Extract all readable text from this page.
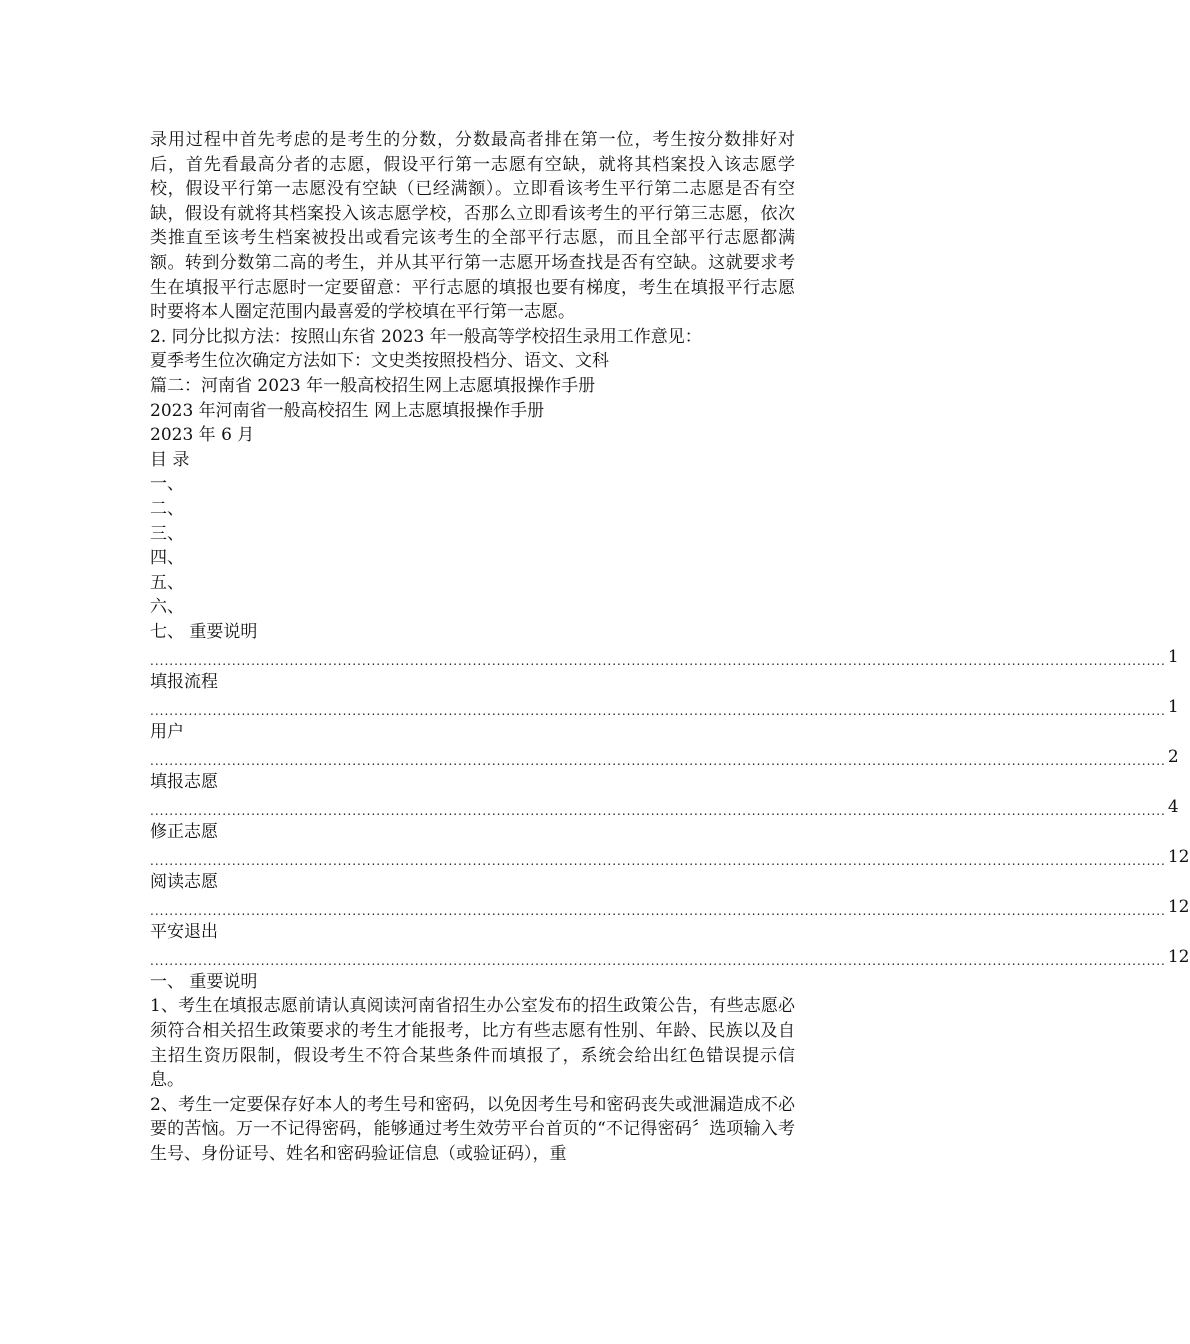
录用过程中首先考虑的是考生的分数，分数最高者排在第一位，考生按分数排好对后，首先看最高分者的志愿，假设平行第一志愿有空缺，就将其档案投入该志愿学校，假设平行第一志愿没有空缺（已经满额）。立即看该考生平行第二志愿是否有空缺，假设有就将其档案投入该志愿学校，否那么立即看该考生的平行第三志愿，依次类推直至该考生档案被投出或看完该考生的全部平行志愿，而且全部平行志愿都满额。转到分数第二高的考生，并从其平行第一志愿开场查找是否有空缺。这就要求考生在填报平行志愿时一定要留意：平行志愿的填报也要有梯度，考生在填报平行志愿时要将本人圈定范围内最喜爱的学校填在平行第一志愿。

2. 同分比拟方法：按照山东省 2023 年一般高等学校招生录用工作意见：

夏季考生位次确定方法如下：文史类按照投档分、语文、文科

篇二：河南省 2023 年一般高校招生网上志愿填报操作手册

2023 年河南省一般高校招生 网上志愿填报操作手册

2023 年 6 月

目 录

一、

二、

三、

四、

五、

六、

七、 重要说明

................................................................................................................................................................................................................... 1

填报流程

................................................................................................................................................................................................................... 1

用户

................................................................................................................................................................................................................... 2

填报志愿

................................................................................................................................................................................................................... 4

修正志愿

................................................................................................................................................................................................................... 12

阅读志愿

................................................................................................................................................................................................................... 12

平安退出

................................................................................................................................................................................................................... 12

一、 重要说明

1、考生在填报志愿前请认真阅读河南省招生办公室发布的招生政策公告，有些志愿必须符合相关招生政策要求的考生才能报考，比方有些志愿有性别、年龄、民族以及自主招生资历限制，假设考生不符合某些条件而填报了，系统会给出红色错误提示信息。

2、考生一定要保存好本人的考生号和密码，以免因考生号和密码丧失或泄漏造成不必要的苦恼。万一不记得密码，能够通过考生效劳平台首页的“不记得密码〞选项输入考生号、身份证号、姓名和密码验证信息（或验证码），重
